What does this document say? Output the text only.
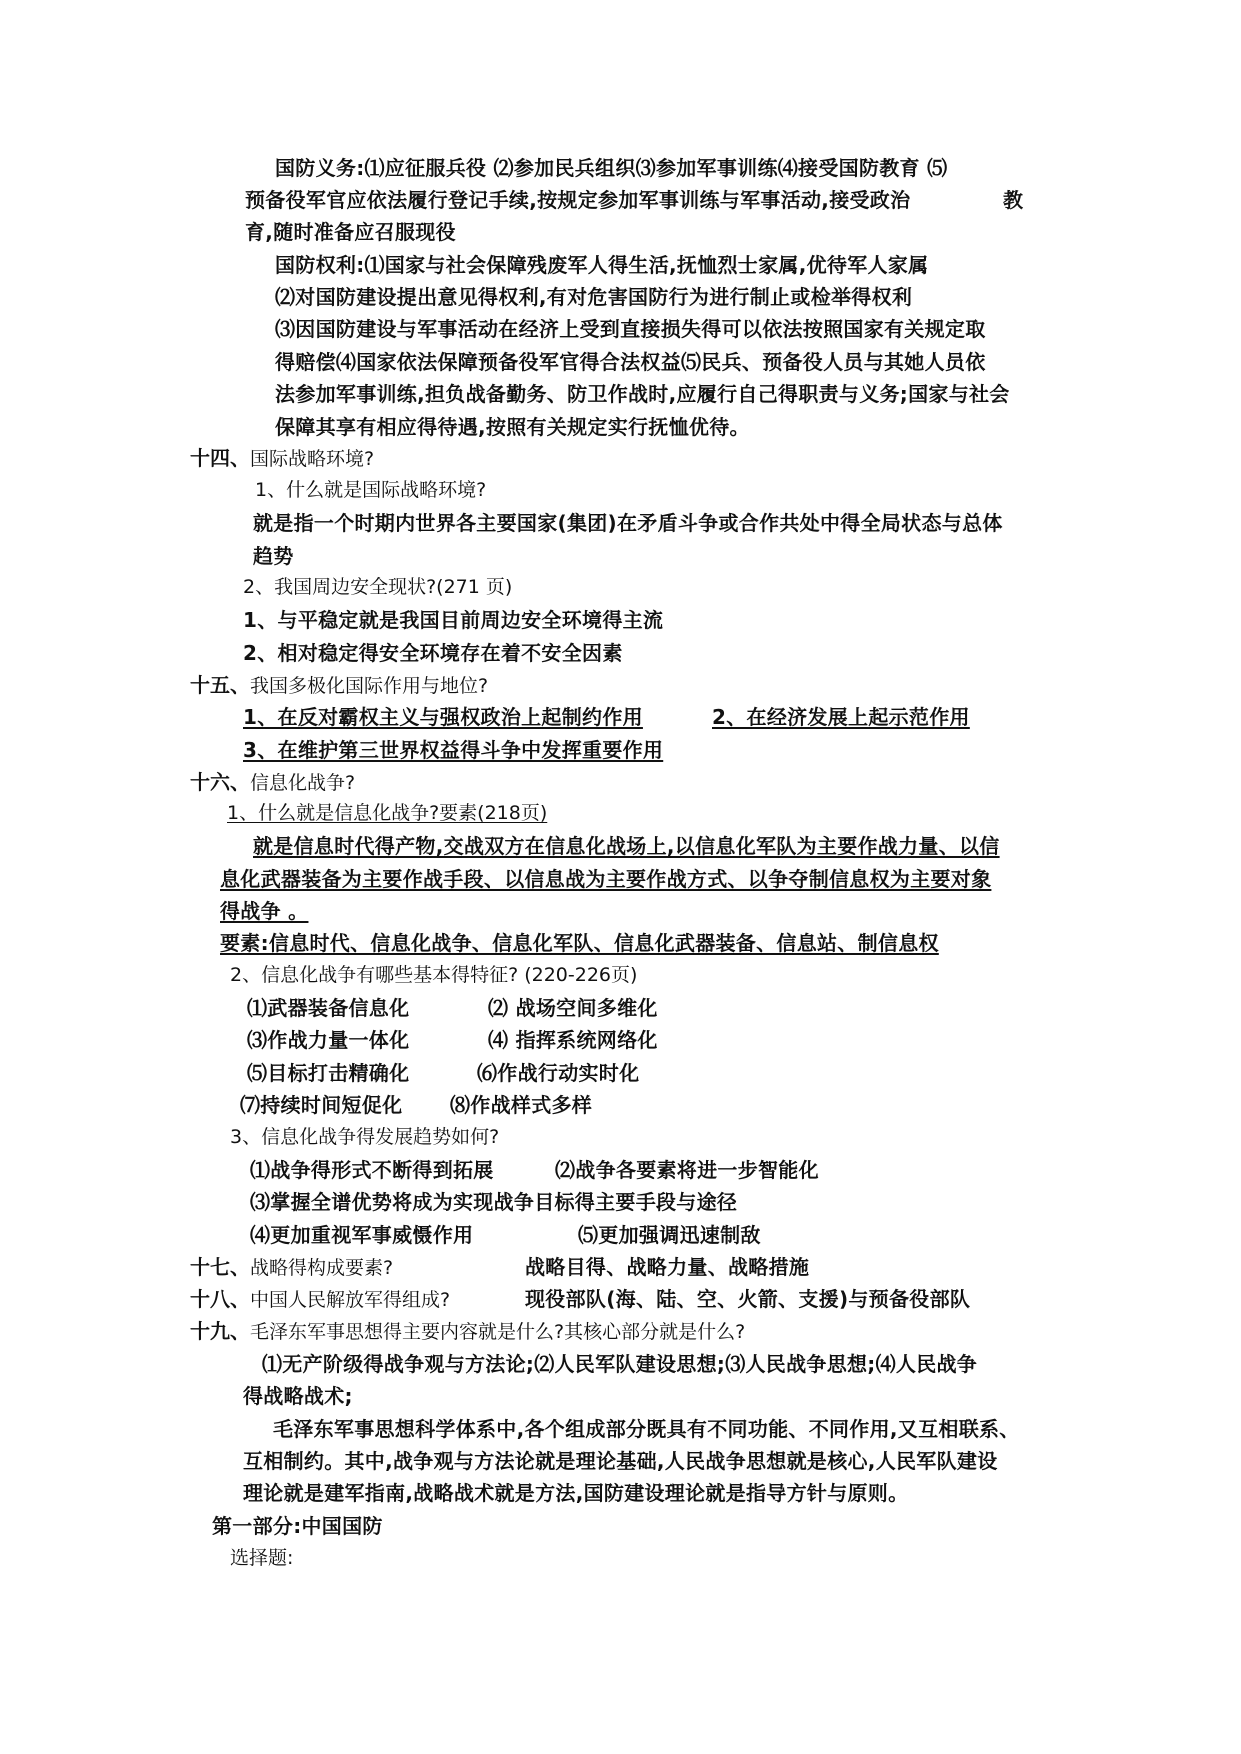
国防义务:⑴应征服兵役 ⑵参加民兵组织⑶参加军事训练⑷接受国防教育 ⑸
预备役军官应依法履行登记手续,按规定参加军事训练与军事活动,接受政治	教
育,随时准备应召服现役
国防权利:⑴国家与社会保障残废军人得生活,抚恤烈士家属,优待军人家属
⑵对国防建设提出意见得权利,有对危害国防行为进行制止或检举得权利
⑶因国防建设与军事活动在经济上受到直接损失得可以依法按照国家有关规定取
得赔偿⑷国家依法保障预备役军官得合法权益⑸民兵、预备役人员与其她人员依
法参加军事训练,担负战备勤务、防卫作战时,应履行自己得职责与义务;国家与社会
保障其享有相应得待遇,按照有关规定实行抚恤优待。
十四、国际战略环境?
1、什么就是国际战略环境?
就是指一个时期内世界各主要国家(集团)在矛盾斗争或合作共处中得全局状态与总体
趋势
2、我国周边安全现状?(271 页)
1、与平稳定就是我国目前周边安全环境得主流
2、相对稳定得安全环境存在着不安全因素
十五、我国多极化国际作用与地位?
1、在反对霸权主义与强权政治上起制约作用	2、在经济发展上起示范作用
3、在维护第三世界权益得斗争中发挥重要作用
十六、信息化战争?
1、什么就是信息化战争?要素(218页)
就是信息时代得产物,交战双方在信息化战场上,以信息化军队为主要作战力量、以信
息化武器装备为主要作战手段、以信息战为主要作战方式、以争夺制信息权为主要对象
得战争 。
要素:信息时代、信息化战争、信息化军队、信息化武器装备、信息站、制信息权
2、信息化战争有哪些基本得特征? (220-226页)
⑴武器装备信息化	⑵ 战场空间多维化
⑶作战力量一体化	⑷ 指挥系统网络化
⑸目标打击精确化	⑹作战行动实时化
⑺持续时间短促化 ⑻作战样式多样
3、信息化战争得发展趋势如何?
⑴战争得形式不断得到拓展	⑵战争各要素将进一步智能化
⑶掌握全谱优势将成为实现战争目标得主要手段与途径
⑷更加重视军事威慑作用	⑸更加强调迅速制敌
十七、战略得构成要素?	战略目得、战略力量、战略措施
十八、中国人民解放军得组成?	现役部队(海、陆、空、火箭、支援)与预备役部队
十九、毛泽东军事思想得主要内容就是什么?其核心部分就是什么?
⑴无产阶级得战争观与方法论;⑵人民军队建设思想;⑶人民战争思想;⑷人民战争
得战略战术;
毛泽东军事思想科学体系中,各个组成部分既具有不同功能、不同作用,又互相联系、
互相制约。其中,战争观与方法论就是理论基础,人民战争思想就是核心,人民军队建设
理论就是建军指南,战略战术就是方法,国防建设理论就是指导方针与原则。
第一部分:中国国防
选择题:
